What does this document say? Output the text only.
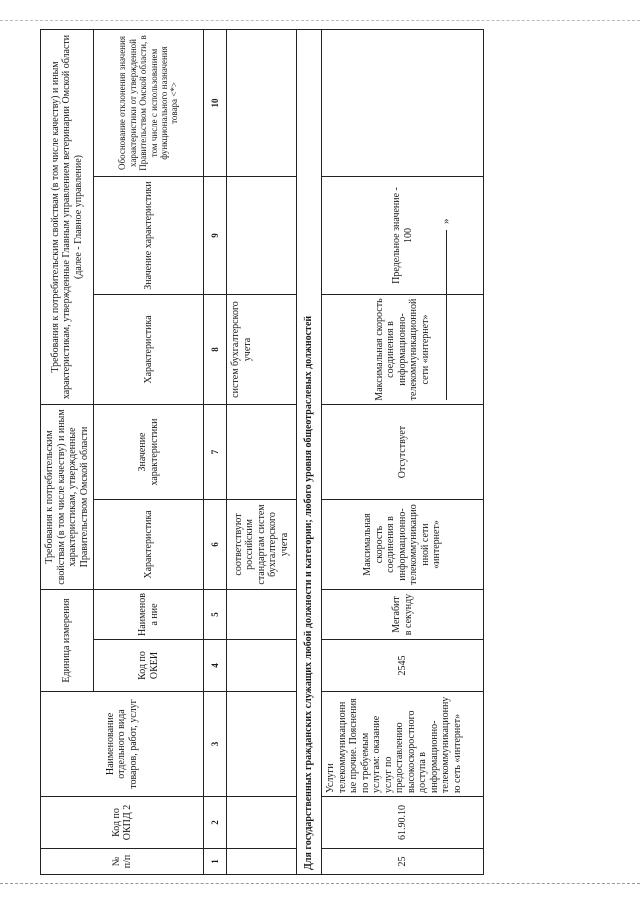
№ п/п	Код по ОКПД 2	Наименование отдельного вида товаров, работ, услуг	Единица измерения		Требования к потребительским свойствам (в том числе качеству) и иным характеристикам, утвержденные Правительством Омской области		Требования к потребительским свойствам (в том числе качеству) и иным характеристикам, утвержденные Главным управлением ветеринарии Омской области (далее - Главное управление)		
			Код по ОКЕИ	Наименова ние	Характеристика	Значение характеристики	Характеристика	Значение характеристики	Обоснование отклонения значения характеристики от утвержденной Правительством Омской области, в том числе с использованием функционального назначения товара <*>
1	2	3	4	5	6	7	8	9	10
					соответствуют российским стандартам систем бухгалтерского учета		систем бухгалтерского учета		
Для государственных гражданских служащих любой должности и категории; любого уровня общеотраслевых должностей									
25	61.90.10	Услуги телекоммуникационные прочие. Пояснения по требуемым услугам: оказание услуг по предоставлению высокоскоростного доступа в информационно-телекоммуникационную сеть «интернет»	2545	Мегабит в секунду	Максимальная скорость соединения в информационно-телекоммуникационной сети «интернет»	Отсутствует	Максимальная скорость соединения в информационно-телекоммуникационной сети «интернет»	Предельное значение - 100	
»
